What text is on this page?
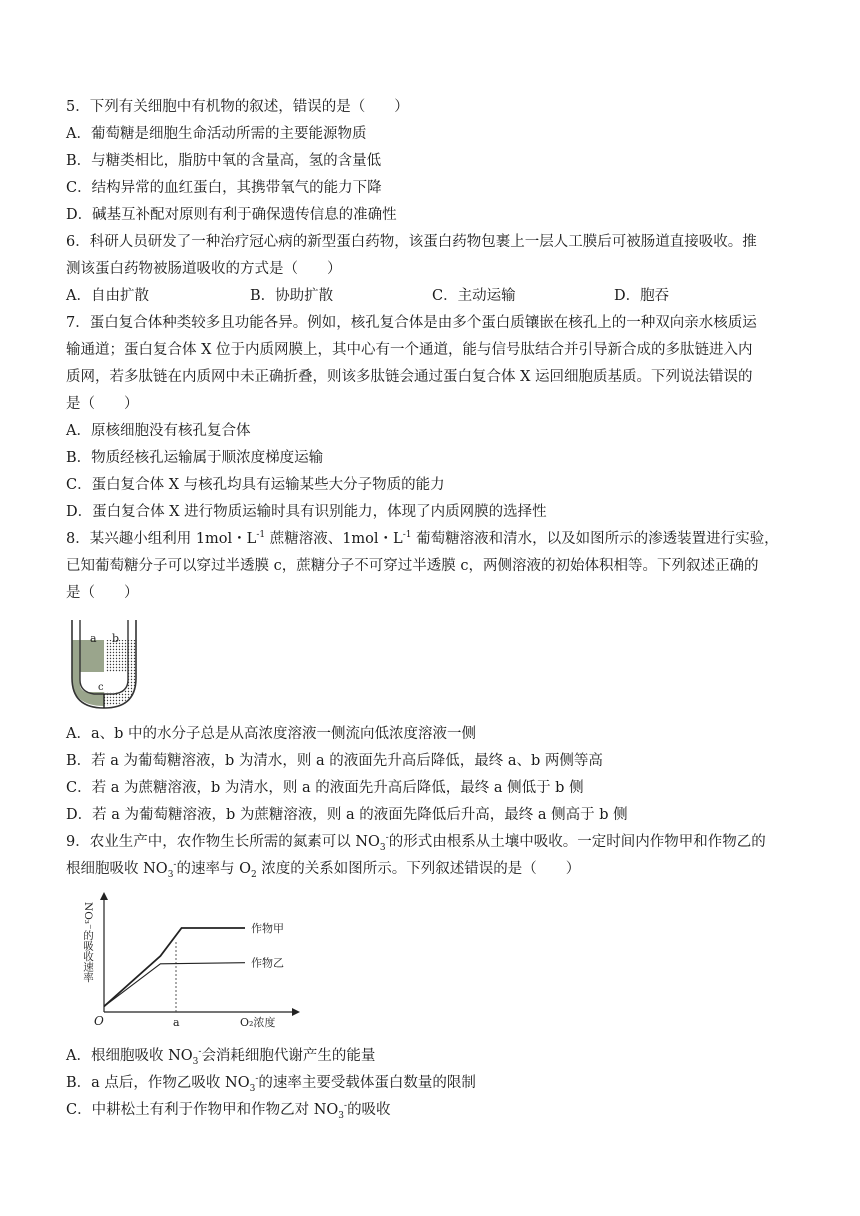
5．下列有关细胞中有机物的叙述，错误的是（　　）
A．葡萄糖是细胞生命活动所需的主要能源物质
B．与糖类相比，脂肪中氧的含量高，氢的含量低
C．结构异常的血红蛋白，其携带氧气的能力下降
D．碱基互补配对原则有利于确保遗传信息的准确性
6．科研人员研发了一种治疗冠心病的新型蛋白药物，该蛋白药物包裹上一层人工膜后可被肠道直接吸收。推
测该蛋白药物被肠道吸收的方式是（　　）
A．自由扩散	B．协助扩散	C．主动运输	D．胞吞
7．蛋白复合体种类较多且功能各异。例如，核孔复合体是由多个蛋白质镶嵌在核孔上的一种双向亲水核质运
输通道；蛋白复合体 X 位于内质网膜上，其中心有一个通道，能与信号肽结合并引导新合成的多肽链进入内
质网，若多肽链在内质网中未正确折叠，则该多肽链会通过蛋白复合体 X 运回细胞质基质。下列说法错误的
是（　　）
A．原核细胞没有核孔复合体
B．物质经核孔运输属于顺浓度梯度运输
C．蛋白复合体 X 与核孔均具有运输某些大分子物质的能力
D．蛋白复合体 X 进行物质运输时具有识别能力，体现了内质网膜的选择性
8．某兴趣小组利用 1mol・$L^{-1}$ 蔗糖溶液、1mol・$L^{-1}$ 葡萄糖溶液和清水，以及如图所示的渗透装置进行实验，
已知葡萄糖分子可以穿过半透膜 c，蔗糖分子不可穿过半透膜 c，两侧溶液的初始体积相等。下列叙述正确的
是（　　）
a b
c
A．a、b 中的水分子总是从高浓度溶液一侧流向低浓度溶液一侧
B．若 a 为葡萄糖溶液，b 为清水，则 a 的液面先升高后降低，最终 a、b 两侧等高
C．若 a 为蔗糖溶液，b 为清水，则 a 的液面先升高后降低，最终 a 侧低于 b 侧
D．若 a 为葡萄糖溶液，b 为蔗糖溶液，则 a 的液面先降低后升高，最终 a 侧高于 b 侧
9．农业生产中，农作物生长所需的氮素可以 $NO_3^-$的形式由根系从土壤中吸收。一定时间内作物甲和作物乙的
根细胞吸收 $NO_3^-$的速率与 $O_2$ 浓度的关系如图所示。下列叙述错误的是（　　）
NO₃⁻的吸收速率
O	O₂浓度
a
作物甲
作物乙
A．根细胞吸收 $NO_3^-$会消耗细胞代谢产生的能量
B．a 点后，作物乙吸收 $NO_3^-$的速率主要受载体蛋白数量的限制
C．中耕松土有利于作物甲和作物乙对 $NO_3^-$的吸收
